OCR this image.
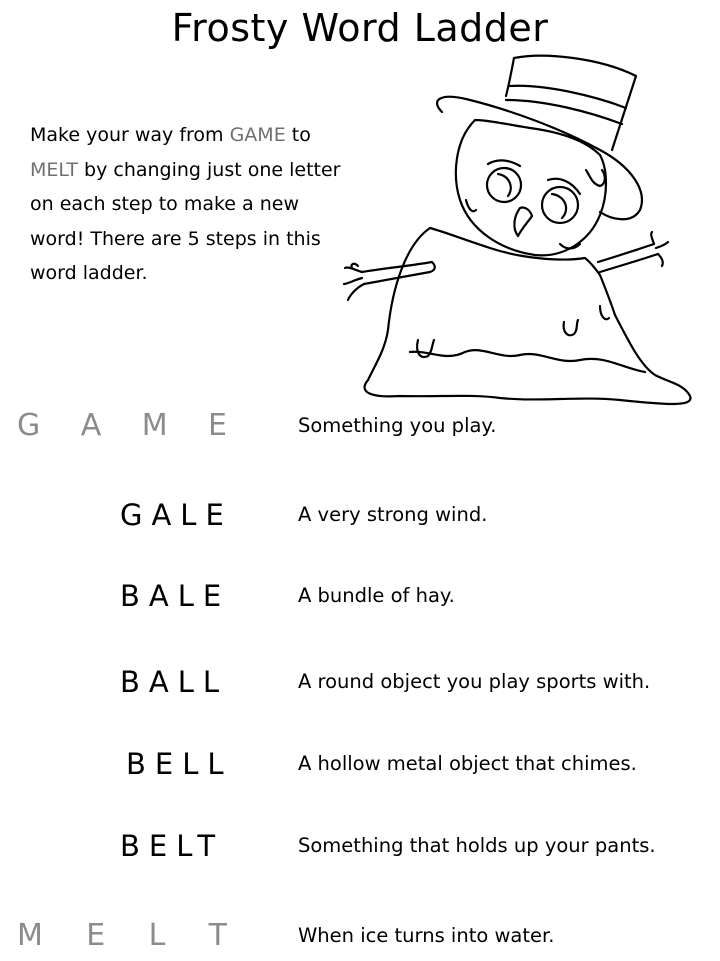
Frosty Word Ladder
Make your way from GAME to MELT by changing just one letter on each step to make a new word! There are 5 steps in this word ladder.
G A M E	Something you play.
GALE	A very strong wind.
BALE	A bundle of hay.
BALL	A round object you play sports with.
BELL	A hollow metal object that chimes.
BELT	Something that holds up your pants.
M E L T	When ice turns into water.
